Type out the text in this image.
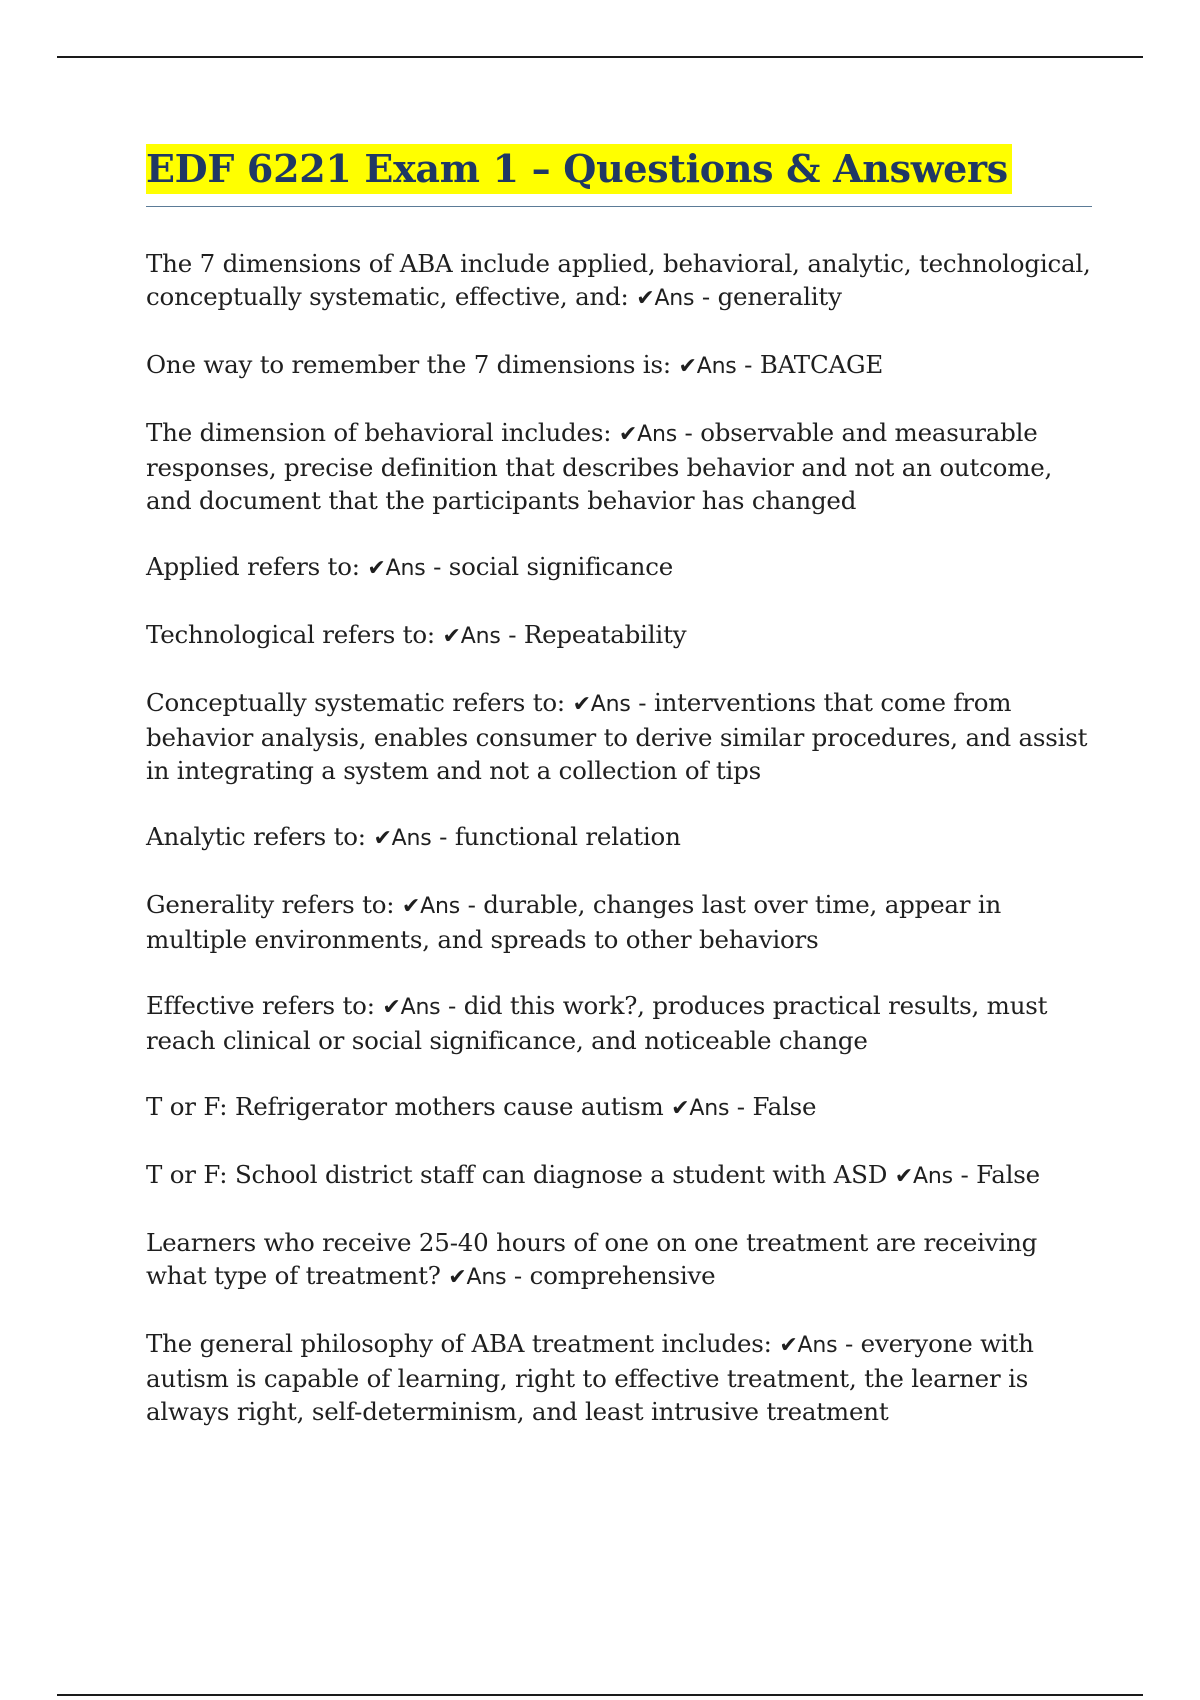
EDF 6221 Exam 1 – Questions & Answers

The 7 dimensions of ABA include applied, behavioral, analytic, technological, conceptually systematic, effective, and: ✔Ans - generality

One way to remember the 7 dimensions is: ✔Ans - BATCAGE

The dimension of behavioral includes: ✔Ans - observable and measurable responses, precise definition that describes behavior and not an outcome, and document that the participants behavior has changed

Applied refers to: ✔Ans - social significance

Technological refers to: ✔Ans - Repeatability

Conceptually systematic refers to: ✔Ans - interventions that come from behavior analysis, enables consumer to derive similar procedures, and assist in integrating a system and not a collection of tips

Analytic refers to: ✔Ans - functional relation

Generality refers to: ✔Ans - durable, changes last over time, appear in multiple environments, and spreads to other behaviors

Effective refers to: ✔Ans - did this work?, produces practical results, must reach clinical or social significance, and noticeable change

T or F: Refrigerator mothers cause autism ✔Ans - False

T or F: School district staff can diagnose a student with ASD ✔Ans - False

Learners who receive 25-40 hours of one on one treatment are receiving what type of treatment? ✔Ans - comprehensive

The general philosophy of ABA treatment includes: ✔Ans - everyone with autism is capable of learning, right to effective treatment, the learner is always right, self-determinism, and least intrusive treatment
